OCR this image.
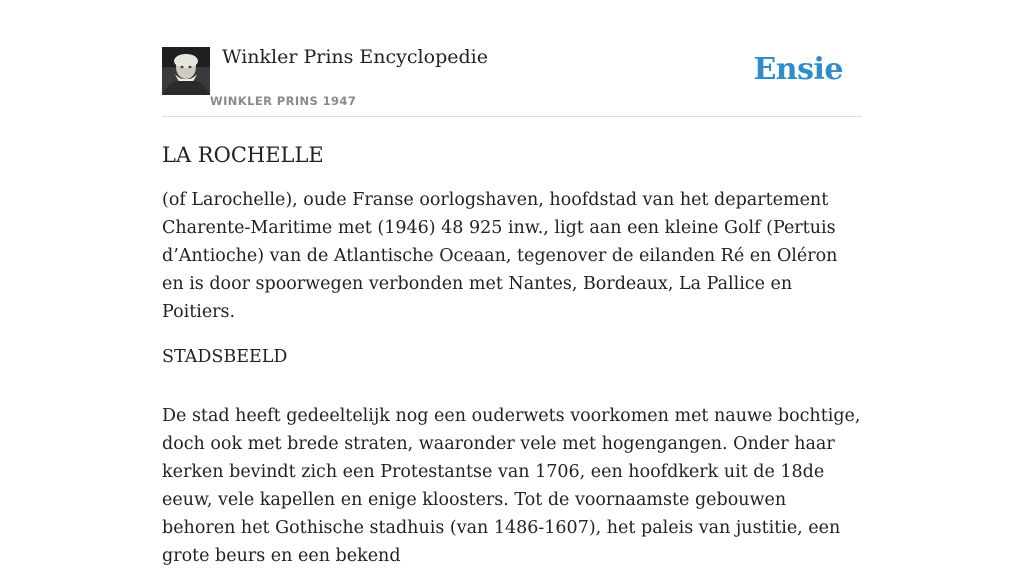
Winkler Prins Encyclopedie
WINKLER PRINS 1947
Ensie
LA ROCHELLE

(of Larochelle), oude Franse oorlogshaven, hoofdstad van het departement Charente-Maritime met (1946) 48 925 inw., ligt aan een kleine Golf (Pertuis d’Antioche) van de Atlantische Oceaan, tegenover de eilanden Ré en Oléron en is door spoorwegen verbonden met Nantes, Bordeaux, La Pallice en Poitiers.

STADSBEELD

De stad heeft gedeeltelijk nog een ouderwets voorkomen met nauwe bochtige, doch ook met brede straten, waaronder vele met hogengangen. Onder haar kerken bevindt zich een Protestantse van 1706, een hoofdkerk uit de 18de eeuw, vele kapellen en enige kloosters. Tot de voornaamste gebouwen behoren het Gothische stadhuis (van 1486-1607), het paleis van justitie, een grote beurs en een bekend
